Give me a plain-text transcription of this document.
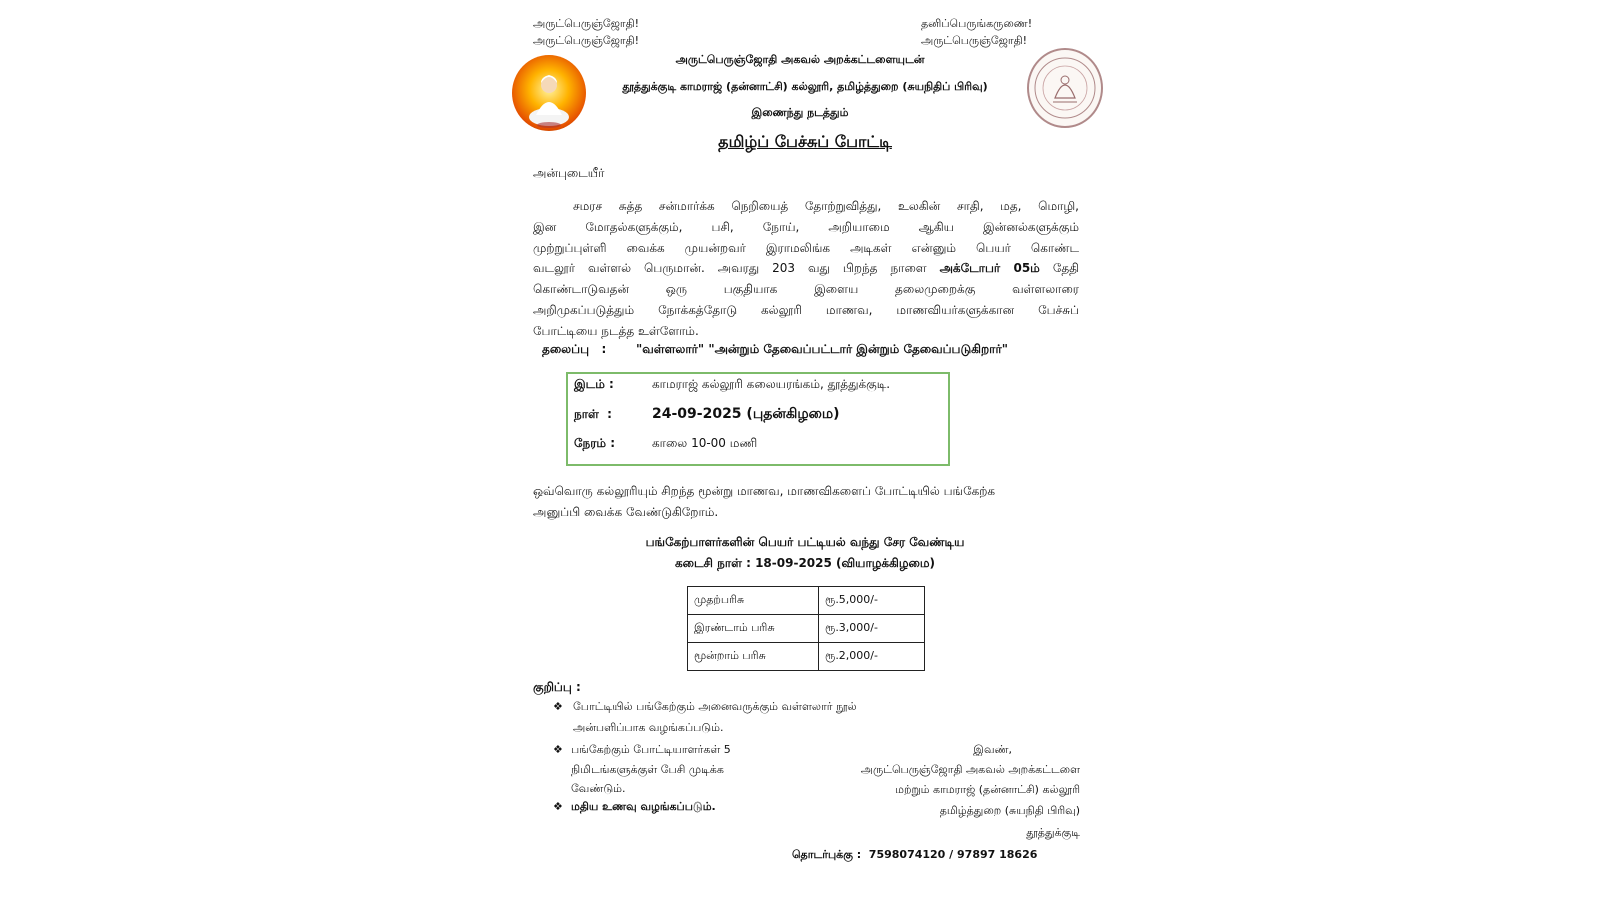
அருட்பெருஞ்ஜோதி!
அருட்பெருஞ்ஜோதி!
தனிப்பெருங்கருணை!
அருட்பெருஞ்ஜோதி!
அருட்பெருஞ்ஜோதி அகவல் அறக்கட்டளையுடன்
தூத்துக்குடி காமராஜ் (தன்னாட்சி) கல்லூரி, தமிழ்த்துறை (சுயநிதிப் பிரிவு)
இணைந்து நடத்தும்
தமிழ்ப் பேச்சுப் போட்டி
அன்புடையீர்
சமரச சுத்த சன்மார்க்க நெறியைத் தோற்றுவித்து, உலகின் சாதி, மத, மொழி,
இன மோதல்களுக்கும், பசி, நோய், அறியாமை ஆகிய இன்னல்களுக்கும்
முற்றுப்புள்ளி வைக்க முயன்றவர் இராமலிங்க அடிகள் என்னும் பெயர் கொண்ட
வடலூர் வள்ளல் பெருமான். அவரது 203 வது பிறந்த நாளை அக்டோபர் 05ம் தேதி
கொண்டாடுவதன் ஒரு பகுதியாக இளைய தலைமுறைக்கு வள்ளலாரை
அறிமுகப்படுத்தும் நோக்கத்தோடு கல்லூரி மாணவ, மாணவியர்களுக்கான பேச்சுப்
போட்டியை நடத்த உள்ளோம்.
தலைப்பு   : "வள்ளலார்" "அன்றும் தேவைப்பட்டார் இன்றும் தேவைப்படுகிறார்"
இடம் :	காமராஜ் கல்லூரி கலையரங்கம், தூத்துக்குடி.
நாள்  :	24-09-2025 (புதன்கிழமை)
நேரம் :	காலை 10-00 மணி
ஒவ்வொரு கல்லூரியும் சிறந்த மூன்று மாணவ, மாணவிகளைப் போட்டியில் பங்கேற்க
அனுப்பி வைக்க வேண்டுகிறோம்.
பங்கேற்பாளர்களின் பெயர் பட்டியல் வந்து சேர வேண்டிய
கடைசி நாள் : 18-09-2025 (வியாழக்கிழமை)
முதற்பரிசு	ரூ.5,000/-
இரண்டாம் பரிசு	ரூ.3,000/-
மூன்றாம் பரிசு	ரூ.2,000/-
குறிப்பு :
❖ போட்டியில் பங்கேற்கும் அனைவருக்கும் வள்ளலார் நூல்
அன்பளிப்பாக வழங்கப்படும்.
❖ பங்கேற்கும் போட்டியாளர்கள் 5
நிமிடங்களுக்குள் பேசி முடிக்க
வேண்டும்.
❖ மதிய உணவு வழங்கப்படும்.
இவண்,
அருட்பெருஞ்ஜோதி அகவல் அறக்கட்டளை
மற்றும் காமராஜ் (தன்னாட்சி) கல்லூரி
தமிழ்த்துறை (சுயநிதி பிரிவு)
தூத்துக்குடி
தொடர்புக்கு :  7598074120 / 97897 18626
